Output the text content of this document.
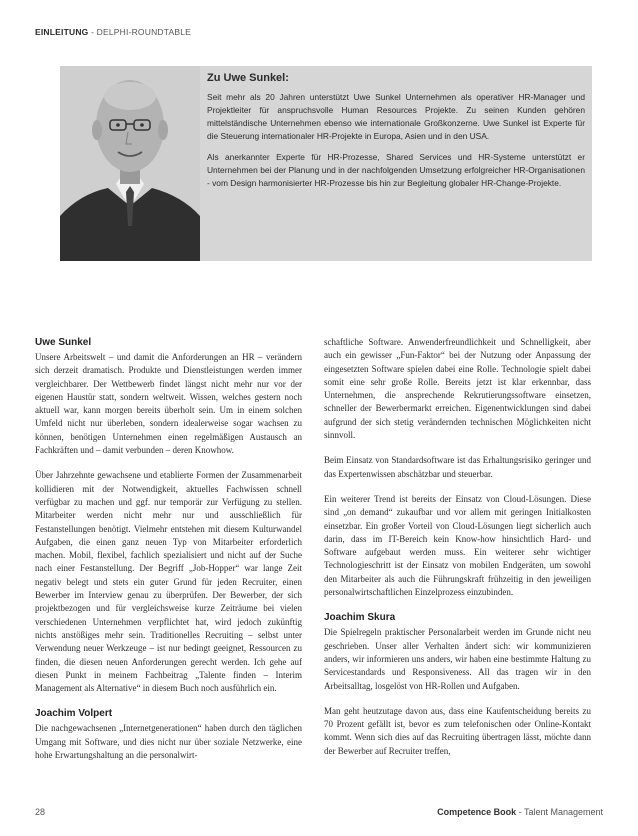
EINLEITUNG - DELPHI-ROUNDTABLE
Zu Uwe Sunkel:

Seit mehr als 20 Jahren unterstützt Uwe Sunkel Unternehmen als operativer HR-Manager und Projektleiter für anspruchsvolle Human Resources Projekte. Zu seinen Kunden gehören mittelständische Unternehmen ebenso wie internationale Großkonzerne. Uwe Sunkel ist Experte für die Steuerung internationaler HR-Projekte in Europa, Asien und in den USA.

Als anerkannter Experte für HR-Prozesse, Shared Services und HR-Systeme unterstützt er Unternehmen bei der Planung und in der nachfolgenden Umsetzung erfolgreicher HR-Organisationen - vom Design harmonisierter HR-Prozesse bis hin zur Begleitung globaler HR-Change-Projekte.

Uwe Sunkel

Unsere Arbeitswelt – und damit die Anforderungen an HR – verändern sich derzeit dramatisch. Produkte und Dienstleistungen werden immer vergleichbarer. Der Wettbewerb findet längst nicht mehr nur vor der eigenen Haustür statt, sondern weltweit. Wissen, welches gestern noch aktuell war, kann morgen bereits überholt sein. Um in einem solchen Umfeld nicht nur überleben, sondern idealerweise sogar wachsen zu können, benötigen Unternehmen einen regelmäßigen Austausch an Fachkräften und – damit verbunden – deren Knowhow.

Über Jahrzehnte gewachsene und etablierte Formen der Zusammenarbeit kollidieren mit der Notwendigkeit, aktuelles Fachwissen schnell verfügbar zu machen und ggf. nur temporär zur Verfügung zu stellen. Mitarbeiter werden nicht mehr nur und ausschließlich für Festanstellungen benötigt. Vielmehr entstehen mit diesem Kulturwandel Aufgaben, die einen ganz neuen Typ von Mitarbeiter erforderlich machen. Mobil, flexibel, fachlich spezialisiert und nicht auf der Suche nach einer Festanstellung. Der Begriff „Job-Hopper“ war lange Zeit negativ belegt und stets ein guter Grund für jeden Recruiter, einen Bewerber im Interview genau zu überprüfen. Der Bewerber, der sich projektbezogen und für vergleichsweise kurze Zeiträume bei vielen verschiedenen Unternehmen verpflichtet hat, wird jedoch zukünftig nichts anstößiges mehr sein. Traditionelles Recruiting – selbst unter Verwendung neuer Werkzeuge – ist nur bedingt geeignet, Ressourcen zu finden, die diesen neuen Anforderungen gerecht werden. Ich gehe auf diesen Punkt in meinem Fachbeitrag „Talente finden – Interim Management als Alternative“ in diesem Buch noch ausführlich ein.

Joachim Volpert

Die nachgewachsenen „Internetgenerationen“ haben durch den täglichen Umgang mit Software, und dies nicht nur über soziale Netzwerke, eine hohe Erwartungshaltung an die personalwirt-

schaftliche Software. Anwenderfreundlichkeit und Schnelligkeit, aber auch ein gewisser „Fun-Faktor“ bei der Nutzung oder Anpassung der eingesetzten Software spielen dabei eine Rolle. Technologie spielt dabei somit eine sehr große Rolle. Bereits jetzt ist klar erkennbar, dass Unternehmen, die ansprechende Rekrutierungssoftware einsetzen, schneller der Bewerbermarkt erreichen. Eigenentwicklungen sind dabei aufgrund der sich stetig verändernden technischen Möglichkeiten nicht sinnvoll.

Beim Einsatz von Standardsoftware ist das Erhaltungsrisiko geringer und das Expertenwissen abschätzbar und steuerbar.

Ein weiterer Trend ist bereits der Einsatz von Cloud-Lösungen. Diese sind „on demand“ zukaufbar und vor allem mit geringen Initialkosten einsetzbar. Ein großer Vorteil von Cloud-Lösungen liegt sicherlich auch darin, dass im IT-Bereich kein Know-how hinsichtlich Hard- und Software aufgebaut werden muss. Ein weiterer sehr wichtiger Technologieschritt ist der Einsatz von mobilen Endgeräten, um sowohl den Mitarbeiter als auch die Führungskraft frühzeitig in den jeweiligen personalwirtschaftlichen Einzelprozess einzubinden.

Joachim Skura

Die Spielregeln praktischer Personalarbeit werden im Grunde nicht neu geschrieben. Unser aller Verhalten ändert sich: wir kommunizieren anders, wir informieren uns anders, wir haben eine bestimmte Haltung zu Servicestandards und Responsiveness. All das tragen wir in den Arbeitsalltag, losgelöst von HR-Rollen und Aufgaben.

Man geht heutzutage davon aus, dass eine Kaufentscheidung bereits zu 70 Prozent gefällt ist, bevor es zum telefonischen oder Online-Kontakt kommt. Wenn sich dies auf das Recruiting übertragen lässt, möchte dann der Bewerber auf Recruiter treffen,

28	Competence Book - Talent Management
